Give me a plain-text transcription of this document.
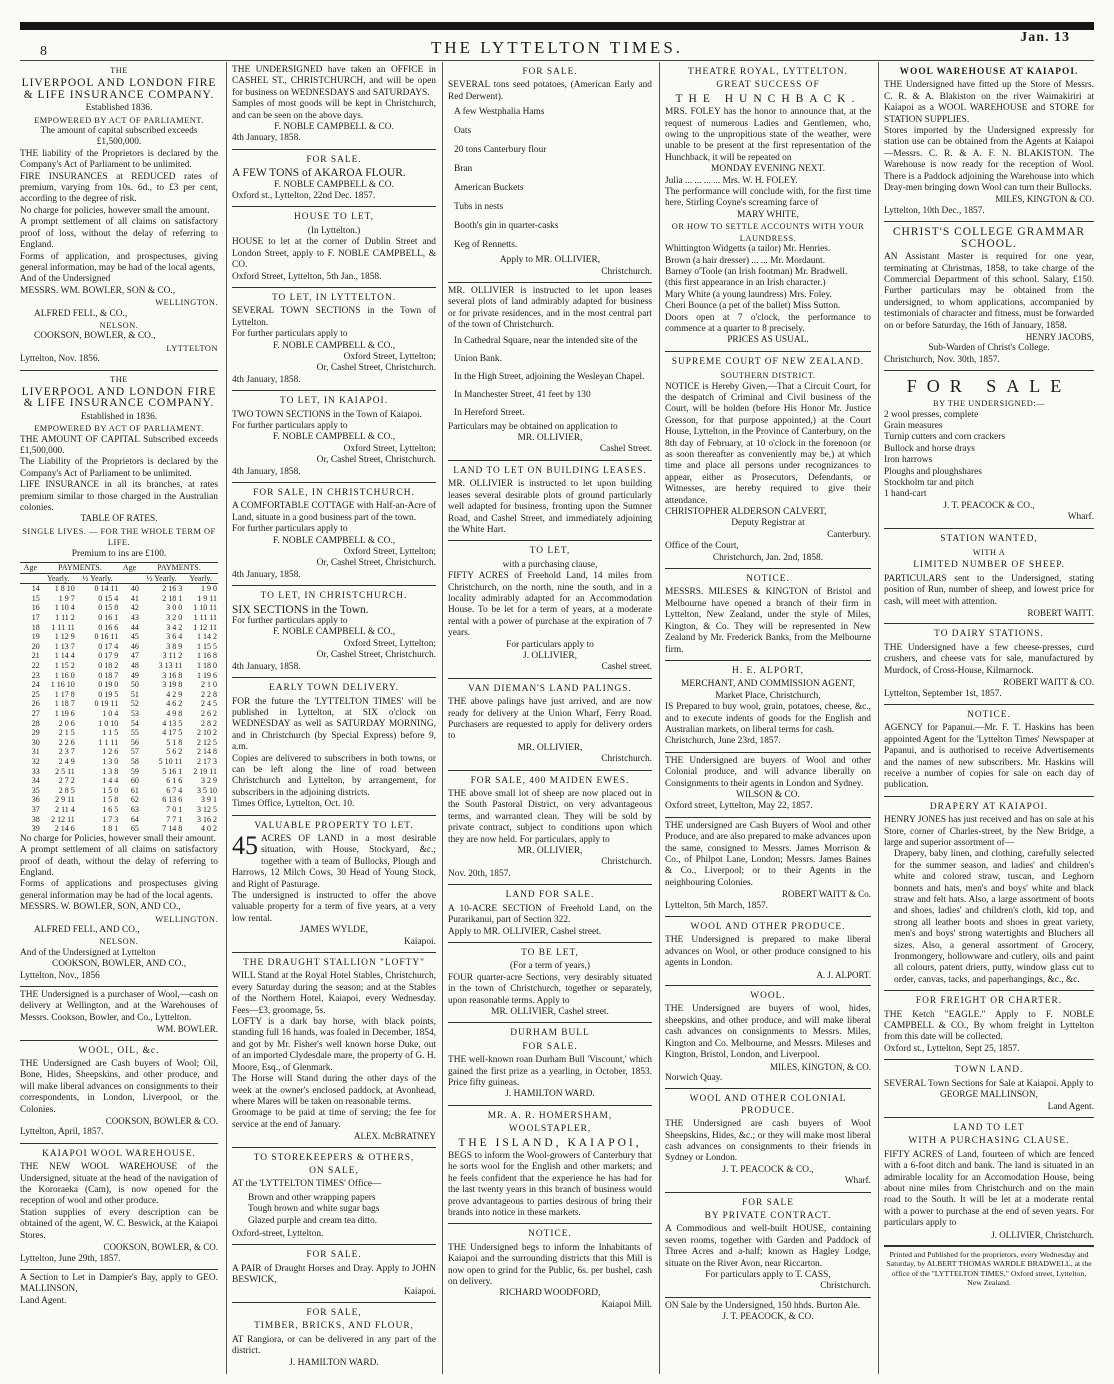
8	THE LYTTELTON TIMES.
Jan. 13
THE
LIVERPOOL AND LONDON FIRE & LIFE INSURANCE COMPANY.
Established 1836.
EMPOWERED BY ACT OF PARLIAMENT.
The amount of capital subscribed exceeds
£1,500,000.

THE liability of the Proprietors is declared by the Company's Act of Parliament to be unlimited.

FIRE INSURANCES at REDUCED rates of premium, varying from 10s. 6d., to £3 per cent, according to the degree of risk.

No charge for policies, however small the amount.

A prompt settlement of all claims on satisfactory proof of loss, without the delay of referring to England.

Forms of application, and prospectuses, giving general information, may be had of the local agents,

And of the Undersigned

MESSRS. WM. BOWLER, SON & CO.,
WELLINGTON.
ALFRED FELL, & CO.,
NELSON.
COOKSON, BOWLER, & CO.,
LYTTELTON
Lyttelton, Nov. 1856.
THE
LIVERPOOL AND LONDON FIRE & LIFE INSURANCE COMPANY.
Established in 1836.
EMPOWERED BY ACT OF PARLIAMENT.

THE AMOUNT OF CAPITAL Subscribed exceeds £1,500,000.

The Liability of the Proprietors is declared by the Company's Act of Parliament to be unlimited.

LIFE INSURANCE in all its branches, at rates premium similar to those charged in the Australian colonies.

TABLE OF RATES.
SINGLE LIVES. — FOR THE WHOLE TERM OF LIFE.
Premium to ins are £100.
Age	PAYMENTS.		Age	PAYMENTS.	
	Yearly.	½ Yearly.		½ Yearly.	Yearly.
14	1 8 10	0 14 11	40	2 16 3	1 9 0
15	1 9 7	0 15 4	41	2 18 1	1 9 11
16	1 10 4	0 15 8	42	3 0 0	1 10 11
17	1 11 2	0 16 1	43	3 2 0	1 11 11
18	1 11 11	0 16 6	44	3 4 2	1 12 11
19	1 12 9	0 16 11	45	3 6 4	1 14 2
20	1 13 7	0 17 4	46	3 8 9	1 15 5
21	1 14 4	0 17 9	47	3 11 2	1 16 8
22	1 15 2	0 18 2	48	3 13 11	1 18 0
23	1 16 0	0 18 7	49	3 16 8	1 19 6
24	1 16 10	0 19 0	50	3 19 8	2 1 0
25	1 17 8	0 19 5	51	4 2 9	2 2 8
26	1 18 7	0 19 11	52	4 6 2	2 4 5
27	1 19 6	1 0 4	53	4 9 8	2 6 2
28	2 0 6	1 0 10	54	4 13 5	2 8 2
29	2 1 5	1 1 5	55	4 17 5	2 10 2
30	2 2 6	1 1 11	56	5 1 8	2 12 5
31	2 3 7	1 2 6	57	5 6 2	2 14 8
32	2 4 9	1 3 0	58	5 10 11	2 17 3
33	2 5 11	1 3 8	59	5 16 1	2 19 11
34	2 7 2	1 4 4	60	6 1 6	3 2 9
35	2 8 5	1 5 0	61	6 7 4	3 5 10
36	2 9 11	1 5 8	62	6 13 6	3 9 1
37	2 11 4	1 6 5	63	7 0 1	3 12 5
38	2 12 11	1 7 3	64	7 7 1	3 16 2
39	2 14 6	1 8 1	65	7 14 8	4 0 2

No charge for Policies, however small their amount.

A prompt settlement of all claims on satisfactory proof of death, without the delay of referring to England.

Forms of applications and prospectuses giving general information may be had of the local agents.

MESSRS. W. BOWLER, SON, AND CO.,
WELLINGTON.
ALFRED FELL, AND CO.,
NELSON.
And of the Undersigned at Lyttelton
COOKSON, BOWLER, AND CO.,
Lyttelton, Nov., 1856

THE Undersigned is a purchaser of Wool,—cash on delivery at Wellington, and at the Warehouses of Messrs. Cookson, Bowler, and Co., Lyttelton.

WM. BOWLER.
WOOL, OIL, &c.

THE Undersigned are Cash buyers of Wool; Oil, Bone, Hides, Sheepskins, and other produce, and will make liberal advances on consignments to their correspondents, in London, Liverpool, or the Colonies.

COOKSON, BOWLER & CO.
Lyttelton, April, 1857.
KAIAPOI WOOL WAREHOUSE.

THE NEW WOOL WAREHOUSE of the Undersigned, situate at the head of the navigation of the Kororaeka (Cam), is now opened for the reception of wool and other produce.

Station supplies of every description can be obtained of the agent, W. C. Beswick, at the Kaiapoi Stores.

COOKSON, BOWLER, & CO.
Lyttelton, June 29th, 1857.

A Section to Let in Dampier's Bay, apply to GEO. MALLINSON,

Land Agent.

THE UNDERSIGNED have taken an OFFICE in CASHEL ST., CHRISTCHURCH, and will be open for business on WEDNESDAYS and SATURDAYS.

Samples of most goods will be kept in Christchurch, and can be seen on the above days.

F. NOBLE CAMPBELL & CO.
4th January, 1858.
FOR SALE.
A FEW TONS of AKAROA FLOUR.
F. NOBLE CAMPBELL & CO.
Oxford st., Lyttelton, 22nd Dec. 1857.
HOUSE TO LET,
(In Lyttelton.)

HOUSE to let at the corner of Dublin Street and London Street, apply to F. NOBLE CAMPBELL, & CO.

Oxford Street, Lyttelton, 5th Jan., 1858.
TO LET, IN LYTTELTON.

SEVERAL TOWN SECTIONS in the Town of Lyttelton.

For further particulars apply to
F. NOBLE CAMPBELL & CO.,
Oxford Street, Lyttelton;
Or, Cashel Street, Christchurch.
4th January, 1858.
TO LET, IN KAIAPOI.

TWO TOWN SECTIONS in the Town of Kaiapoi.

For further particulars apply to
F. NOBLE CAMPBELL & CO.,
Oxford Street, Lyttelton;
Or, Cashel Street, Christchurch.
4th January, 1858.
FOR SALE, IN CHRISTCHURCH.

A COMFORTABLE COTTAGE with Half-an-Acre of Land, situate in a good business part of the town.

For further particulars apply to
F. NOBLE CAMPBELL & CO.,
Oxford Street, Lyttelton;
Or, Cashel Street, Christchurch.
4th January, 1858.
TO LET, IN CHRISTCHURCH.

SIX SECTIONS in the Town.

For further particulars apply to
F. NOBLE CAMPBELL & CO.,
Oxford Street, Lyttelton;
Or, Cashel Street, Christchurch.
4th January, 1858.
EARLY TOWN DELIVERY.

FOR the future the 'LYTTELTON TIMES' will be published in Lyttelton, at SIX o'clock on WEDNESDAY as well as SATURDAY MORNING, and in Christchurch (by Special Express) before 9, a.m.

Copies are delivered to subscribers in both towns, or can be left along the line of road between Christchurch and Lyttelton, by arrangement, for subscribers in the adjoining districts.

Times Office, Lyttelton, Oct. 10.
VALUABLE PROPERTY TO LET.
45 ACRES OF LAND in a most desirable situation, with House, Stockyard, &c.; together with a team of Bullocks, Plough and Harrows, 12 Milch Cows, 30 Head of Young Stock, and Right of Pasturage.

The undersigned is instructed to offer the above valuable property for a term of five years, at a very low rental.

JAMES WYLDE,
Kaiapoi.
THE DRAUGHT STALLION "LOFTY"

WILL Stand at the Royal Hotel Stables, Christchurch, every Saturday during the season; and at the Stables of the Northern Hotel, Kaiapoi, every Wednesday. Fees—£3, groomage, 5s.

LOFTY is a dark bay horse, with black points, standing full 16 hands, was foaled in December, 1854, and got by Mr. Fisher's well known horse Duke, out of an imported Clydesdale mare, the property of G. H. Moore, Esq., of Glenmark.

The Horse will Stand during the other days of the week at the owner's enclosed paddock, at Avonhead, where Mares will be taken on reasonable terms.

Groomage to be paid at time of serving; the fee for service at the end of January.

ALEX. McBRATNEY
TO STOREKEEPERS & OTHERS,
ON SALE,

AT the 'LYTTELTON TIMES' Office—

Brown and other wrapping papers
Tough brown and white sugar bags
Glazed purple and cream tea ditto.
Oxford-street, Lyttelton.
FOR SALE.

A PAIR of Draught Horses and Dray. Apply to JOHN BESWICK,

Kaiapoi.
FOR SALE,
TIMBER, BRICKS, AND FLOUR,

AT Rangiora, or can be delivered in any part of the district.

J. HAMILTON WARD.
FOR SALE.

SEVERAL tons seed potatoes, (American Early and Red Derwent).

A few Westphalia Hams
Oats
20 tons Canterbury flour
Bran
American Buckets
Tubs in nests
Booth's gin in quarter-casks
Keg of Rennetts.
Apply to MR. OLLIVIER,
Christchurch.

MR. OLLIVIER is instructed to let upon leases several plots of land admirably adapted for business or for private residences, and in the most central part of the town of Christchurch.

In Cathedral Square, near the intended site of the Union Bank.
In the High Street, adjoining the Wesleyan Chapel.
In Manchester Street, 41 feet by 130
In Hereford Street.

Particulars may be obtained on application to

MR. OLLIVIER,
Cashel Street.
LAND TO LET ON BUILDING LEASES.

MR. OLLIVIER is instructed to let upon building leases several desirable plots of ground particularly well adapted for business, fronting upon the Sumner Road, and Cashel Street, and immediately adjoining the White Hart.

TO LET,
with a purchasing clause,

FIFTY ACRES of Freehold Land, 14 miles from Christchurch, on the north, nine the south, and in a locality admirably adapted for an Accommodation House. To be let for a term of years, at a moderate rental with a power of purchase at the expiration of 7 years.

For particulars apply to
J. OLLIVIER,
Cashel street.
VAN DIEMAN'S LAND PALINGS.

THE above palings have just arrived, and are now ready for delivery at the Union Wharf, Ferry Road. Purchasers are requested to apply for delivery orders to

MR. OLLIVIER,
Christchurch.
FOR SALE, 400 MAIDEN EWES.

THE above small lot of sheep are now placed out in the South Pastoral District, on very advantageous terms, and warranted clean. They will be sold by private contract, subject to conditions upon which they are now held. For particulars, apply to

MR. OLLIVIER,
Christchurch.
Nov. 20th, 1857.
LAND FOR SALE.

A 10-ACRE SECTION of Freehold Land, on the Purarikanui, part of Section 322.

Apply to MR. OLLIVIER, Cashel street.
TO BE LET,
(For a term of years,)

FOUR quarter-acre Sections, very desirably situated in the town of Christchurch, together or separately, upon reasonable terms. Apply to

MR. OLLIVIER, Cashel street.
DURHAM BULL
FOR SALE.

THE well-known roan Durham Bull 'Viscount,' which gained the first prize as a yearling, in October, 1853. Price fifty guineas.

J. HAMILTON WARD.
MR. A. R. HOMERSHAM,
WOOLSTAPLER,
THE ISLAND, KAIAPOI,

BEGS to inform the Wool-growers of Canterbury that he sorts wool for the English and other markets; and he feels confident that the experience he has had for the last twenty years in this branch of business would prove advantageous to parties desirous of bring their brands into notice in these markets.

NOTICE.

THE Undersigned begs to inform the Inhabitants of Kaiapoi and the surrounding districts that this Mill is now open to grind for the Public, 6s. per bushel, cash on delivery.

RICHARD WOODFORD,
Kaiapoi Mill.
THEATRE ROYAL, LYTTELTON.
GREAT SUCCESS OF
THE HUNCHBACK.

MRS. FOLEY has the honor to announce that, at the request of numerous Ladies and Gentlemen, who, owing to the unpropitious state of the weather, were unable to be present at the first representation of the Hunchback, it will be repeated on

MONDAY EVENING NEXT.
Julia ... ... ... ... Mrs. W. H. FOLEY.

The performance will conclude with, for the first time here, Stirling Coyne's screaming farce of

MARY WHITE,
OR HOW TO SETTLE ACCOUNTS WITH YOUR LAUNDRESS.
Whittington Widgetts (a tailor) Mr. Henries.
Brown (a hair dresser) ... ... Mr. Mordaunt.
Barney o'Toole (an Irish footman) Mr. Bradwell.
(this first appearance in an Irish character.)
Mary White (a young laundress) Mrs. Foley.
Cheri Bounce (a pet of the ballet) Miss Sutton.

Doors open at 7 o'clock, the performance to commence at a quarter to 8 precisely.

PRICES AS USUAL.
SUPREME COURT OF NEW ZEALAND.
SOUTHERN DISTRICT.

NOTICE is Hereby Given,—That a Circuit Court, for the despatch of Criminal and Civil business of the Court, will be holden (before His Honor Mr. Justice Gresson, for that purpose appointed,) at the Court House, Lyttelton, in the Province of Canterbury, on the 8th day of February, at 10 o'clock in the forenoon (or as soon thereafter as conveniently may be,) at which time and place all persons under recognizances to appear, either as Prosecutors, Defendants, or Witnesses, are hereby required to give their attendance.

CHRISTOPHER ALDERSON CALVERT,
Deputy Registrar at
Canterbury.
Office of the Court,
Christchurch, Jan. 2nd, 1858.
NOTICE.

MESSRS. MILESES & KINGTON of Bristol and Melbourne have opened a branch of their firm in Lyttelton, New Zealand, under the style of Miles, Kington, & Co. They will be represented in New Zealand by Mr. Frederick Banks, from the Melbourne firm.

H. E. ALPORT,
MERCHANT, AND COMMISSION AGENT,
Market Place, Christchurch,

IS Prepared to buy wool, grain, potatoes, cheese, &c., and to execute indents of goods for the English and Australian markets, on liberal terms for cash.

Christchurch, June 23rd, 1857.

THE Undersigned are buyers of Wool and other Colonial produce, and will advance liberally on Consignments to their agents in London and Sydney.

WILSON & CO.
Oxford street, Lyttelton, May 22, 1857.

THE undersigned are Cash Buyers of Wool and other Produce, and are also prepared to make advances upon the same, consigned to Messrs. James Morrison & Co., of Philpot Lane, London; Messrs. James Baines & Co., Liverpool; or to their Agents in the neighbouring Colonies.

ROBERT WAITT & Co.
Lyttelton, 5th March, 1857.
WOOL AND OTHER PRODUCE.

THE Undersigned is prepared to make liberal advances on Wool, or other produce consigned to his agents in London.

A. J. ALPORT.
WOOL.

THE Undersigned are buyers of wool, hides, sheepskins, and other produce, and will make liberal cash advances on consignments to Messrs. Miles, Kington and Co. Melbourne, and Messrs. Mileses and Kington, Bristol, London, and Liverpool.

MILES, KINGTON, & CO.
Norwich Quay.
WOOL AND OTHER COLONIAL PRODUCE.

THE Undersigned are cash buyers of Wool Sheepskins, Hides, &c.; or they will make most liberal cash advances on consignments to their friends in Sydney or London.

J. T. PEACOCK & CO.,
Wharf.
FOR SALE
BY PRIVATE CONTRACT.

A Commodious and well-built HOUSE, containing seven rooms, together with Garden and Paddock of Three Acres and a-half; known as Hagley Lodge, situate on the River Avon, near Riccarton.

For particulars apply to T. CASS,
Christchurch.

ON Sale by the Undersigned, 150 hhds. Burton Ale.

J. T. PEACOCK, & CO.
WOOL WAREHOUSE AT KAIAPOI.

THE Undersigned have fitted up the Store of Messrs. C. R. & A. Blakiston on the river Waimakiriri at Kaiapoi as a WOOL WAREHOUSE and STORE for STATION SUPPLIES.

Stores imported by the Undersigned expressly for station use can be obtained from the Agents at Kaiapoi—Messrs. C. R. & A. F. N. BLAKISTON. The Warehouse is now ready for the reception of Wool. There is a Paddock adjoining the Warehouse into which Dray-men bringing down Wool can turn their Bullocks.

MILES, KINGTON & CO.
Lyttelton, 10th Dec., 1857.
CHRIST'S COLLEGE GRAMMAR SCHOOL.

AN Assistant Master is required for one year, terminating at Christmas, 1858, to take charge of the Commercial Department of this school. Salary, £150. Further particulars may be obtained from the undersigned, to whom applications, accompanied by testimonials of character and fitness, must be forwarded on or before Saturday, the 16th of January, 1858.

HENRY JACOBS,
Sub-Warden of Christ's College.
Christchurch, Nov. 30th, 1857.
FOR SALE
BY THE UNDERSIGNED:—
2 wool presses, complete
Grain measures
Turnip cutters and corn crackers
Bullock and horse drays
Iron harrows
Ploughs and ploughshares
Stockholm tar and pitch
1 hand-cart
J. T. PEACOCK & CO.,
Wharf.
STATION WANTED,
WITH A
LIMITED NUMBER OF SHEEP.

PARTICULARS sent to the Undersigned, stating position of Run, number of sheep, and lowest price for cash, will meet with attention.

ROBERT WAITT.
TO DAIRY STATIONS.

THE Undersigned have a few cheese-presses, curd crushers, and cheese vats for sale, manufactured by Murdock, of Cross-House, Kilmarnock.

ROBERT WAITT & CO.
Lyttelton, September 1st, 1857.
NOTICE.

AGENCY for Papanui.—Mr. F. T. Haskins has been appointed Agent for the 'Lyttelton Times' Newspaper at Papanui, and is authorised to receive Advertisements and the names of new subscribers. Mr. Haskins will receive a number of copies for sale on each day of publication.

DRAPERY AT KAIAPOI.

HENRY JONES has just received and has on sale at his Store, corner of Charles-street, by the New Bridge, a large and superior assortment of—

Drapery, baby linen, and clothing, carefully selected for the summer season, and ladies' and children's white and colored straw, tuscan, and Leghorn bonnets and hats, men's and boys' white and black straw and felt hats. Also, a large assortment of boots and shoes, ladies' and children's cloth, kid top, and strong all leather boots and shoes in great variety, men's and boys' strong watertights and Bluchers all sizes. Also, a general assortment of Grocery, Ironmongery, hollowware and cutlery, oils and paint all colours, patent driers, putty, window glass cut to order, canvas, tacks, and paperhangings, &c., &c.

FOR FREIGHT OR CHARTER.

THE Ketch "EAGLE." Apply to F. NOBLE CAMPBELL & CO., By whom freight in Lyttelton from this date will be collected.

Oxford st., Lyttelton, Sept 25, 1857.
TOWN LAND.

SEVERAL Town Sections for Sale at Kaiapoi. Apply to

GEORGE MALLINSON,
Land Agent.
LAND TO LET
WITH A PURCHASING CLAUSE.

FIFTY ACRES of Land, fourteen of which are fenced with a 6-foot ditch and bank. The land is situated in an admirable locality for an Accomodation House, being about nine miles from Christchurch and on the main road to the South. It will be let at a moderate rental with a power to purchase at the end of seven years. For particulars apply to

J. OLLIVIER, Christchurch.
Printed and Published for the proprietors, every Wednesday and Saturday, by ALBERT THOMAS WARDLE BRADWELL, at the office of the "LYTTELTON TIMES," Oxford street, Lyttelton, New Zealand.
